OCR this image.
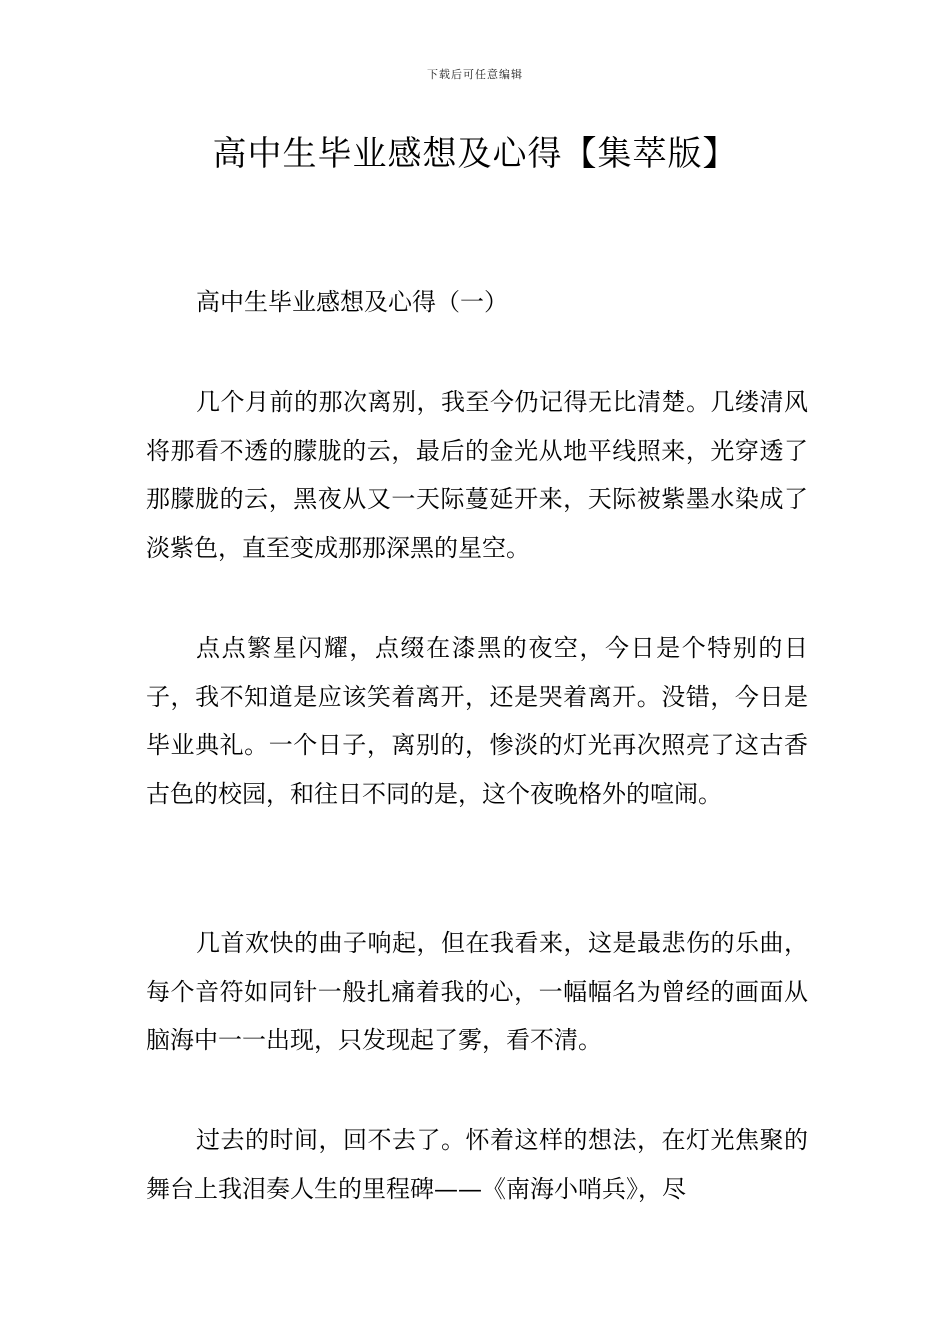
下载后可任意编辑
高中生毕业感想及心得【集萃版】
高中生毕业感想及心得（一）

几个月前的那次离别，我至今仍记得无比清楚。几缕清风将那看不透的朦胧的云，最后的金光从地平线照来，光穿透了那朦胧的云，黑夜从又一天际蔓延开来，天际被紫墨水染成了淡紫色，直至变成那那深黑的星空。

点点繁星闪耀，点缀在漆黑的夜空，今日是个特别的日子，我不知道是应该笑着离开，还是哭着离开。没错，今日是毕业典礼。一个日子，离别的，惨淡的灯光再次照亮了这古香古色的校园，和往日不同的是，这个夜晚格外的喧闹。

几首欢快的曲子响起，但在我看来，这是最悲伤的乐曲，每个音符如同针一般扎痛着我的心，一幅幅名为曾经的画面从脑海中一一出现，只发现起了雾，看不清。

过去的时间，回不去了。怀着这样的想法，在灯光焦聚的舞台上我泪奏人生的里程碑——《南海小哨兵》，尽
